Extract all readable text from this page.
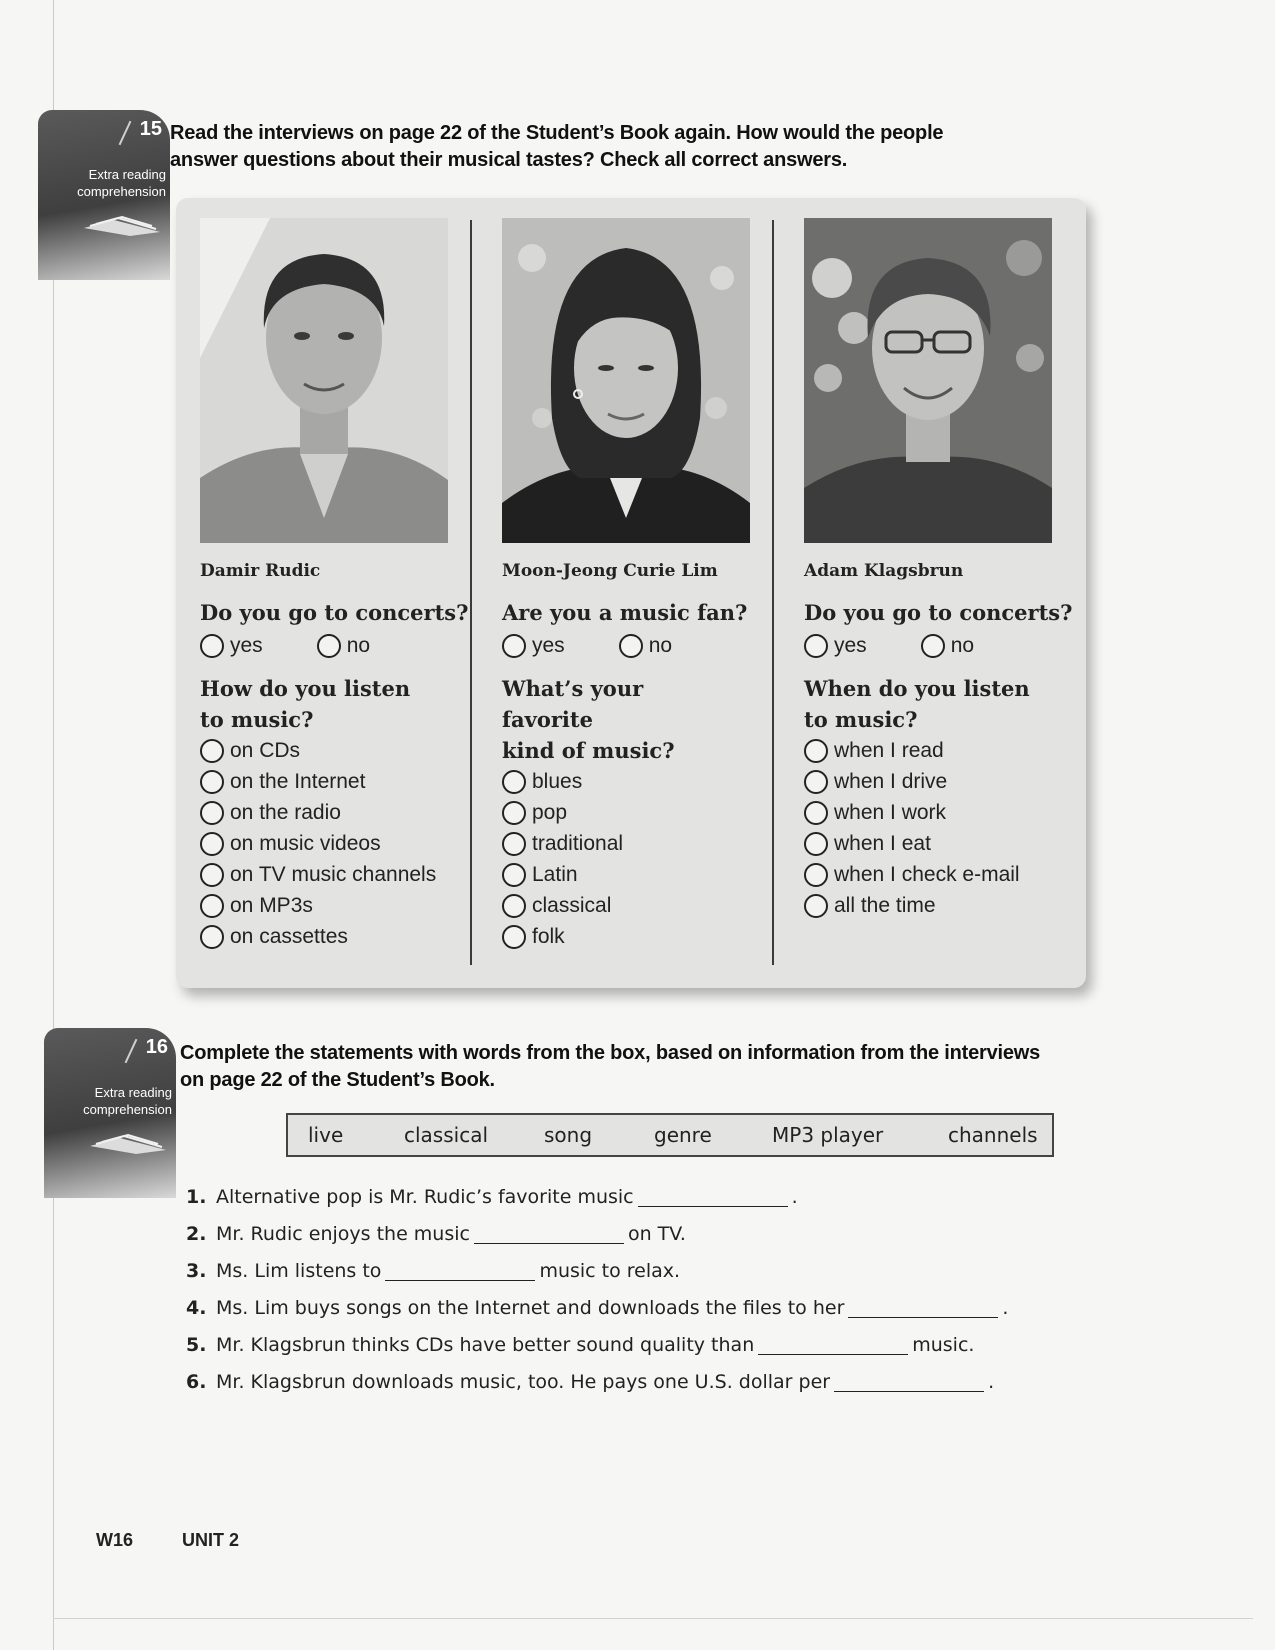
15
Extra reading
comprehension
Read the interviews on page 22 of the Student’s Book again. How would the people
answer questions about their musical tastes? Check all correct answers.
Damir Rudic
Do you go to concerts?
yes	no
How do you listen
to music?
on CDs
on the Internet
on the radio
on music videos
on TV music channels
on MP3s
on cassettes
Moon-Jeong Curie Lim
Are you a music fan?
yes	no
What’s your favorite
kind of music?
blues
pop
traditional
Latin
classical
folk
Adam Klagsbrun
Do you go to concerts?
yes	no
When do you listen
to music?
when I read
when I drive
when I work
when I eat
when I check e-mail
all the time
16
Extra reading
comprehension
Complete the statements with words from the box, based on information from the interviews
on page 22 of the Student’s Book.
live	classical	song	genre	MP3 player	channels
1. Alternative pop is Mr. Rudic’s favorite music	.
2. Mr. Rudic enjoys the music	on TV.
3. Ms. Lim listens to	music to relax.
4. Ms. Lim buys songs on the Internet and downloads the files to her	.
5. Mr. Klagsbrun thinks CDs have better sound quality than	music.
6. Mr. Klagsbrun downloads music, too. He pays one U.S. dollar per	.
W16	UNIT 2
